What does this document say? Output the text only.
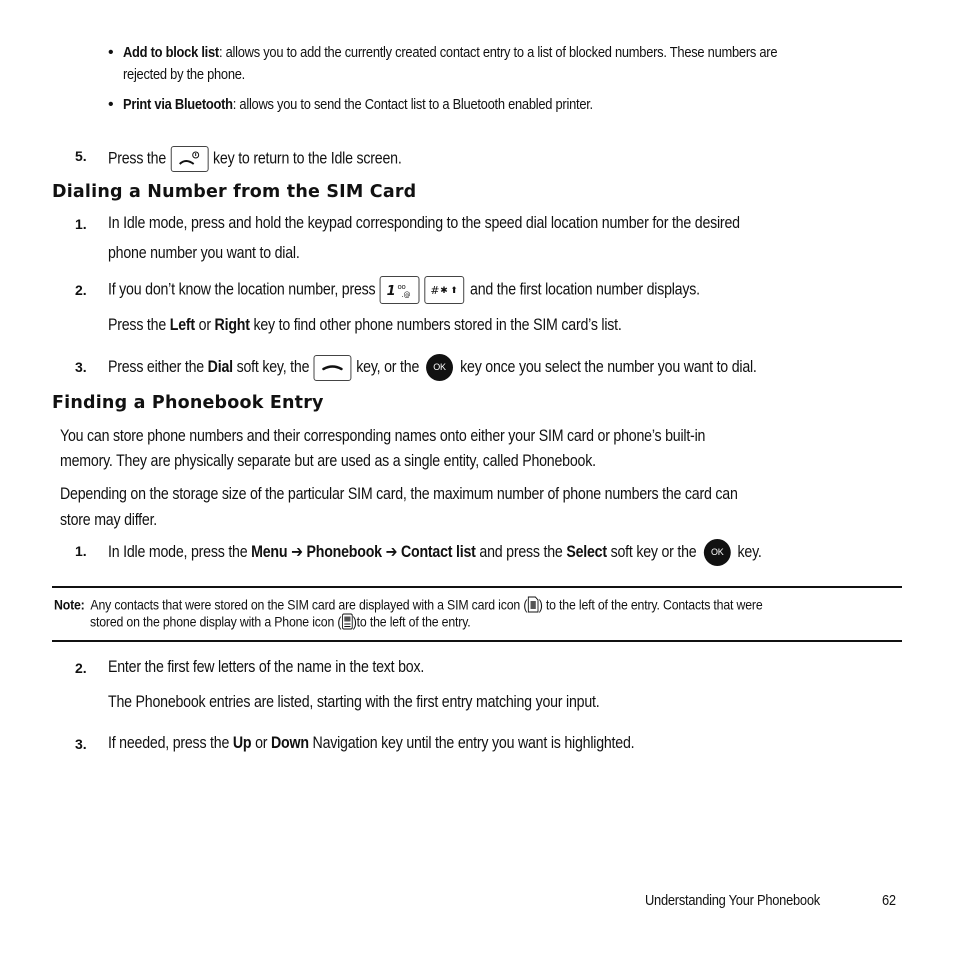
• Add to block list: allows you to add the currently created contact entry to a list of blocked numbers. These numbers are
rejected by the phone.
• Print via Bluetooth: allows you to send the Contact list to a Bluetooth enabled printer.
5. Press the	key to return to the Idle screen.
Dialing a Number from the SIM Card
1. In Idle mode, press and hold the keypad corresponding to the speed dial location number for the desired
phone number you want to dial.
2. If you don’t know the location number, press 1 oo
.@
# ✱ ⬆ and the first location number displays.
Press the Left or Right key to find other phone numbers stored in the SIM card’s list.
3. Press either the Dial soft key, the	key, or the OK key once you select the number you want to dial.
Finding a Phonebook Entry
You can store phone numbers and their corresponding names onto either your SIM card or phone’s built-in
memory. They are physically separate but are used as a single entity, called Phonebook.
Depending on the storage size of the particular SIM card, the maximum number of phone numbers the card can
store may differ.
1. In Idle mode, press the Menu ➔ Phonebook ➔ Contact list and press the Select soft key or the OK key.
Note: Any contacts that were stored on the SIM card are displayed with a SIM card icon ( ) to the left of the entry. Contacts that were
stored on the phone display with a Phone icon ( )to the left of the entry.
2. Enter the first few letters of the name in the text box.
The Phonebook entries are listed, starting with the first entry matching your input.
3. If needed, press the Up or Down Navigation key until the entry you want is highlighted.
Understanding Your Phonebook	62
